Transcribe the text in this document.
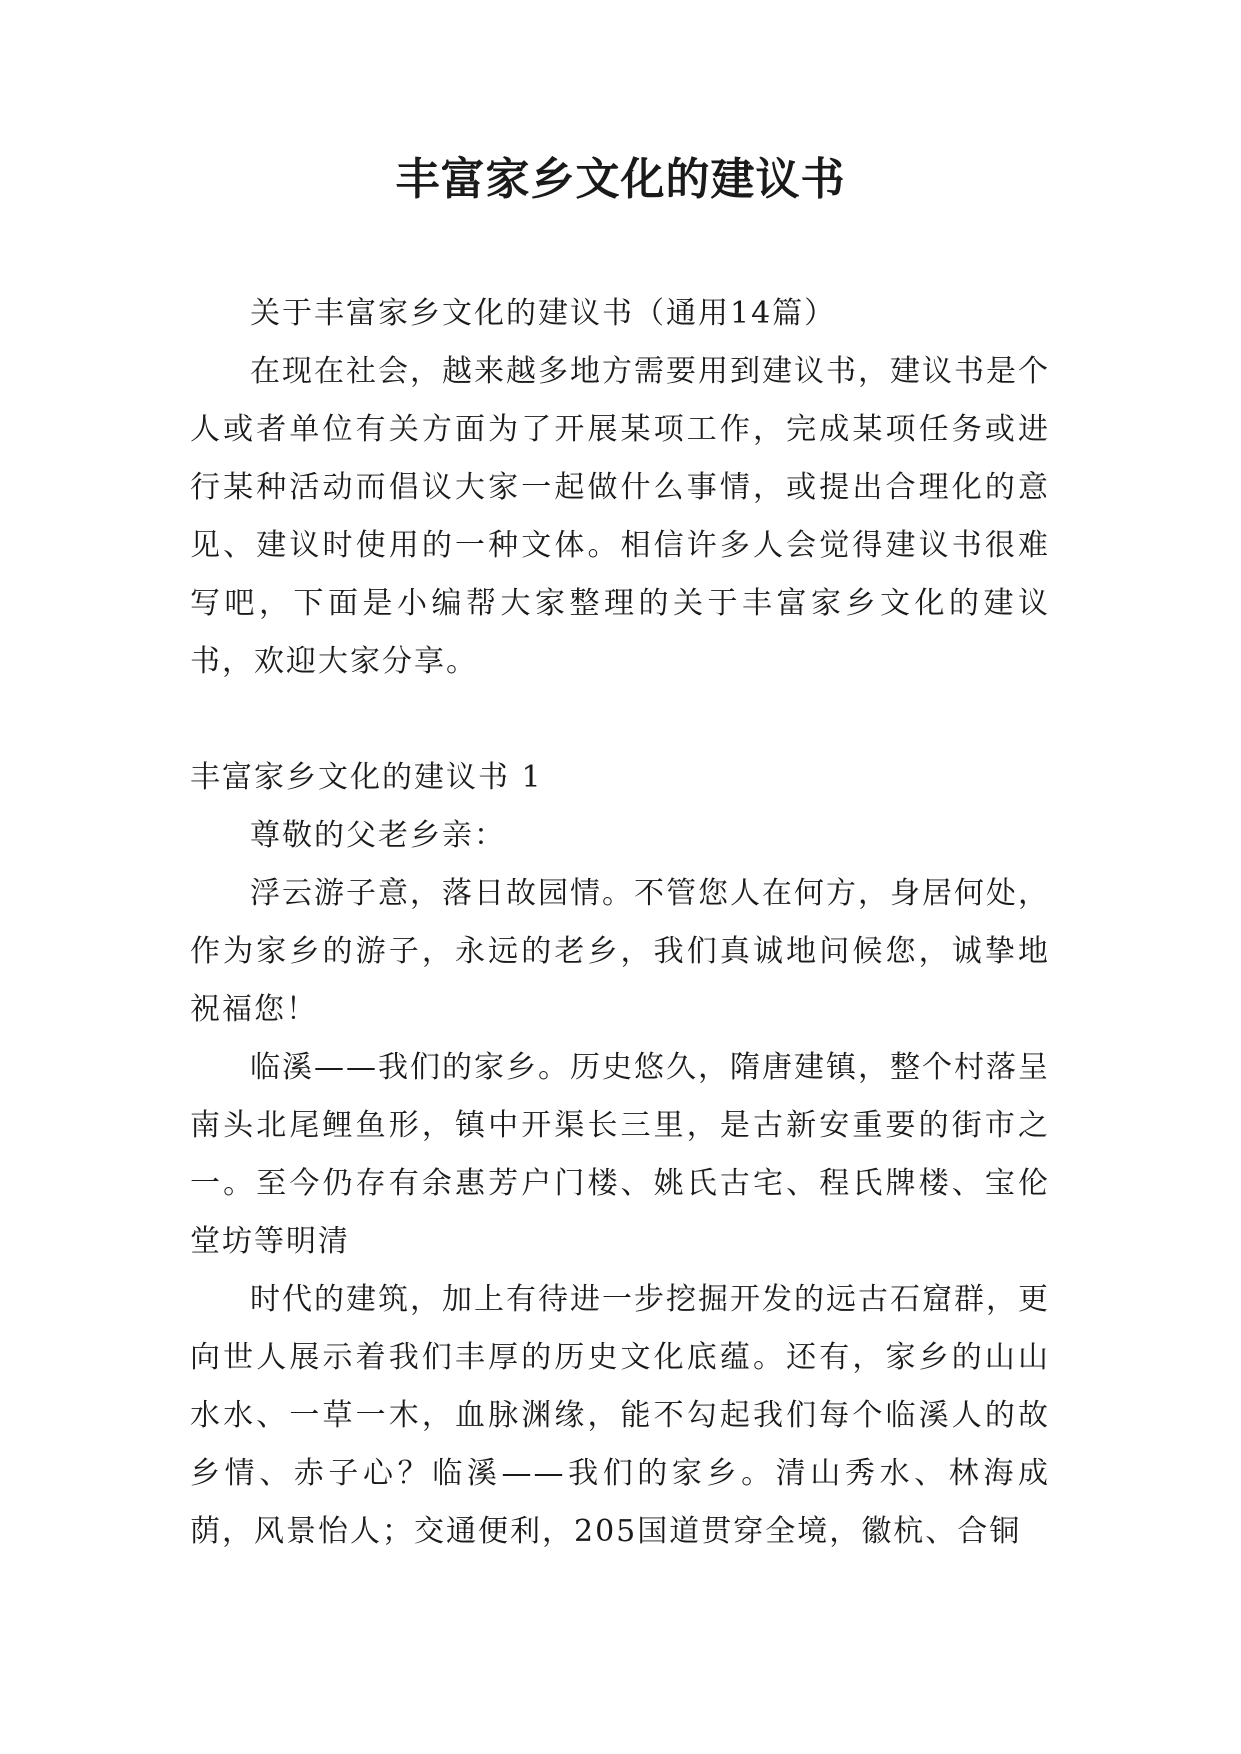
丰富家乡文化的建议书

关于丰富家乡文化的建议书（通用14篇）

在现在社会，越来越多地方需要用到建议书，建议书是个人或者单位有关方面为了开展某项工作，完成某项任务或进行某种活动而倡议大家一起做什么事情，或提出合理化的意见、建议时使用的一种文体。相信许多人会觉得建议书很难写吧，下面是小编帮大家整理的关于丰富家乡文化的建议书，欢迎大家分享。

丰富家乡文化的建议书 1

尊敬的父老乡亲：

浮云游子意，落日故园情。不管您人在何方，身居何处，作为家乡的游子，永远的老乡，我们真诚地问候您，诚挚地祝福您！

临溪——我们的家乡。历史悠久，隋唐建镇，整个村落呈南头北尾鲤鱼形，镇中开渠长三里，是古新安重要的街市之一。至今仍存有余惠芳户门楼、姚氏古宅、程氏牌楼、宝伦堂坊等明清

时代的建筑，加上有待进一步挖掘开发的远古石窟群，更向世人展示着我们丰厚的历史文化底蕴。还有，家乡的山山水水、一草一木，血脉渊缘，能不勾起我们每个临溪人的故乡情、赤子心？临溪——我们的家乡。清山秀水、林海成荫，风景怡人；交通便利，205国道贯穿全境，徽杭、合铜
